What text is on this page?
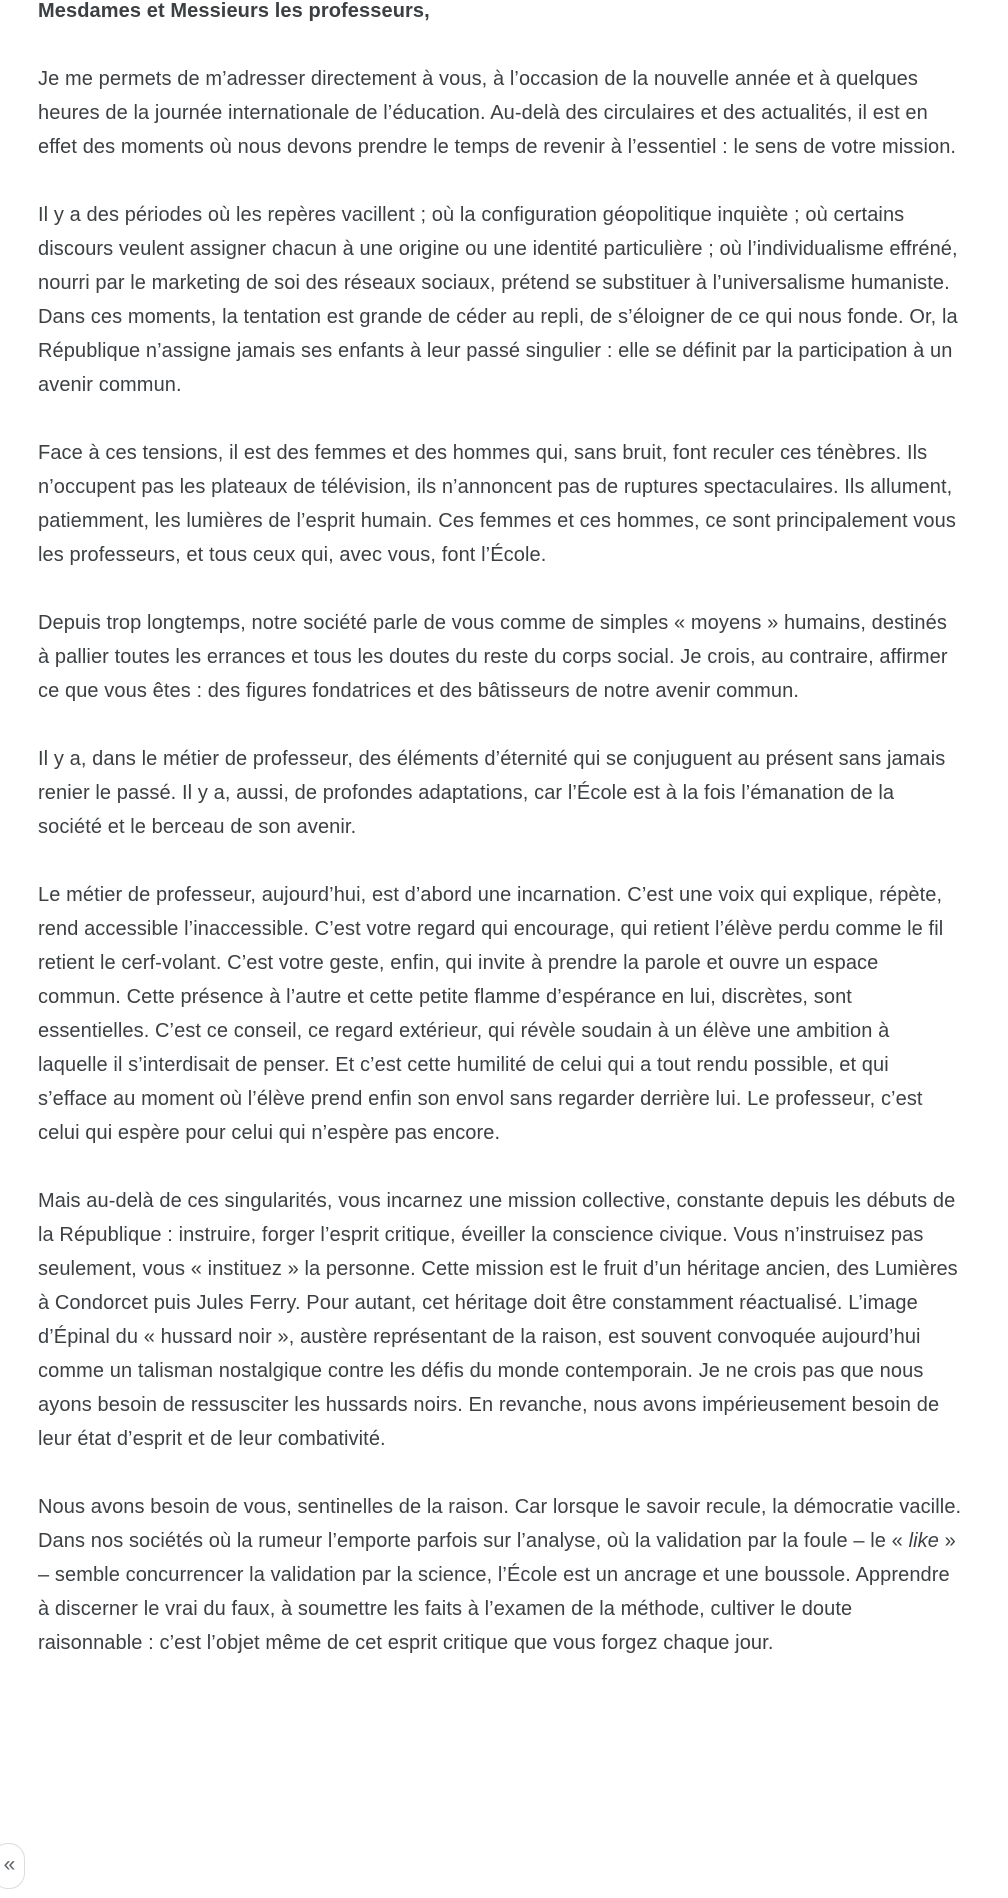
Mesdames et Messieurs les professeurs,

Je me permets de m’adresser directement à vous, à l’occasion de la nouvelle année et à quelques heures de la journée internationale de l’éducation. Au-delà des circulaires et des actualités, il est en effet des moments où nous devons prendre le temps de revenir à l’essentiel : le sens de votre mission.

Il y a des périodes où les repères vacillent ; où la configuration géopolitique inquiète ; où certains discours veulent assigner chacun à une origine ou une identité particulière ; où l’individualisme effréné, nourri par le marketing de soi des réseaux sociaux, prétend se substituer à l’universalisme humaniste. Dans ces moments, la tentation est grande de céder au repli, de s’éloigner de ce qui nous fonde. Or, la République n’assigne jamais ses enfants à leur passé singulier : elle se définit par la participation à un avenir commun.

Face à ces tensions, il est des femmes et des hommes qui, sans bruit, font reculer ces ténèbres. Ils n’occupent pas les plateaux de télévision, ils n’annoncent pas de ruptures spectaculaires. Ils allument, patiemment, les lumières de l’esprit humain. Ces femmes et ces hommes, ce sont principalement vous les professeurs, et tous ceux qui, avec vous, font l’École.

Depuis trop longtemps, notre société parle de vous comme de simples « moyens » humains, destinés à pallier toutes les errances et tous les doutes du reste du corps social. Je crois, au contraire, affirmer ce que vous êtes : des figures fondatrices et des bâtisseurs de notre avenir commun.

Il y a, dans le métier de professeur, des éléments d’éternité qui se conjuguent au présent sans jamais renier le passé. Il y a, aussi, de profondes adaptations, car l’École est à la fois l’émanation de la société et le berceau de son avenir.

Le métier de professeur, aujourd’hui, est d’abord une incarnation. C’est une voix qui explique, répète, rend accessible l’inaccessible. C’est votre regard qui encourage, qui retient l’élève perdu comme le fil retient le cerf-volant. C’est votre geste, enfin, qui invite à prendre la parole et ouvre un espace commun. Cette présence à l’autre et cette petite flamme d’espérance en lui, discrètes, sont essentielles. C’est ce conseil, ce regard extérieur, qui révèle soudain à un élève une ambition à laquelle il s’interdisait de penser. Et c’est cette humilité de celui qui a tout rendu possible, et qui s’efface au moment où l’élève prend enfin son envol sans regarder derrière lui. Le professeur, c’est celui qui espère pour celui qui n’espère pas encore.

Mais au-delà de ces singularités, vous incarnez une mission collective, constante depuis les débuts de la République : instruire, forger l’esprit critique, éveiller la conscience civique. Vous n’instruisez pas seulement, vous « instituez » la personne. Cette mission est le fruit d’un héritage ancien, des Lumières à Condorcet puis Jules Ferry. Pour autant, cet héritage doit être constamment réactualisé. L’image d’Épinal du « hussard noir », austère représentant de la raison, est souvent convoquée aujourd’hui comme un talisman nostalgique contre les défis du monde contemporain. Je ne crois pas que nous ayons besoin de ressusciter les hussards noirs. En revanche, nous avons impérieusement besoin de leur état d’esprit et de leur combativité.

Nous avons besoin de vous, sentinelles de la raison. Car lorsque le savoir recule, la démocratie vacille. Dans nos sociétés où la rumeur l’emporte parfois sur l’analyse, où la validation par la foule – le « like » – semble concurrencer la validation par la science, l’École est un ancrage et une boussole. Apprendre à discerner le vrai du faux, à soumettre les faits à l’examen de la méthode, cultiver le doute raisonnable : c’est l’objet même de cet esprit critique que vous forgez chaque jour.

«
